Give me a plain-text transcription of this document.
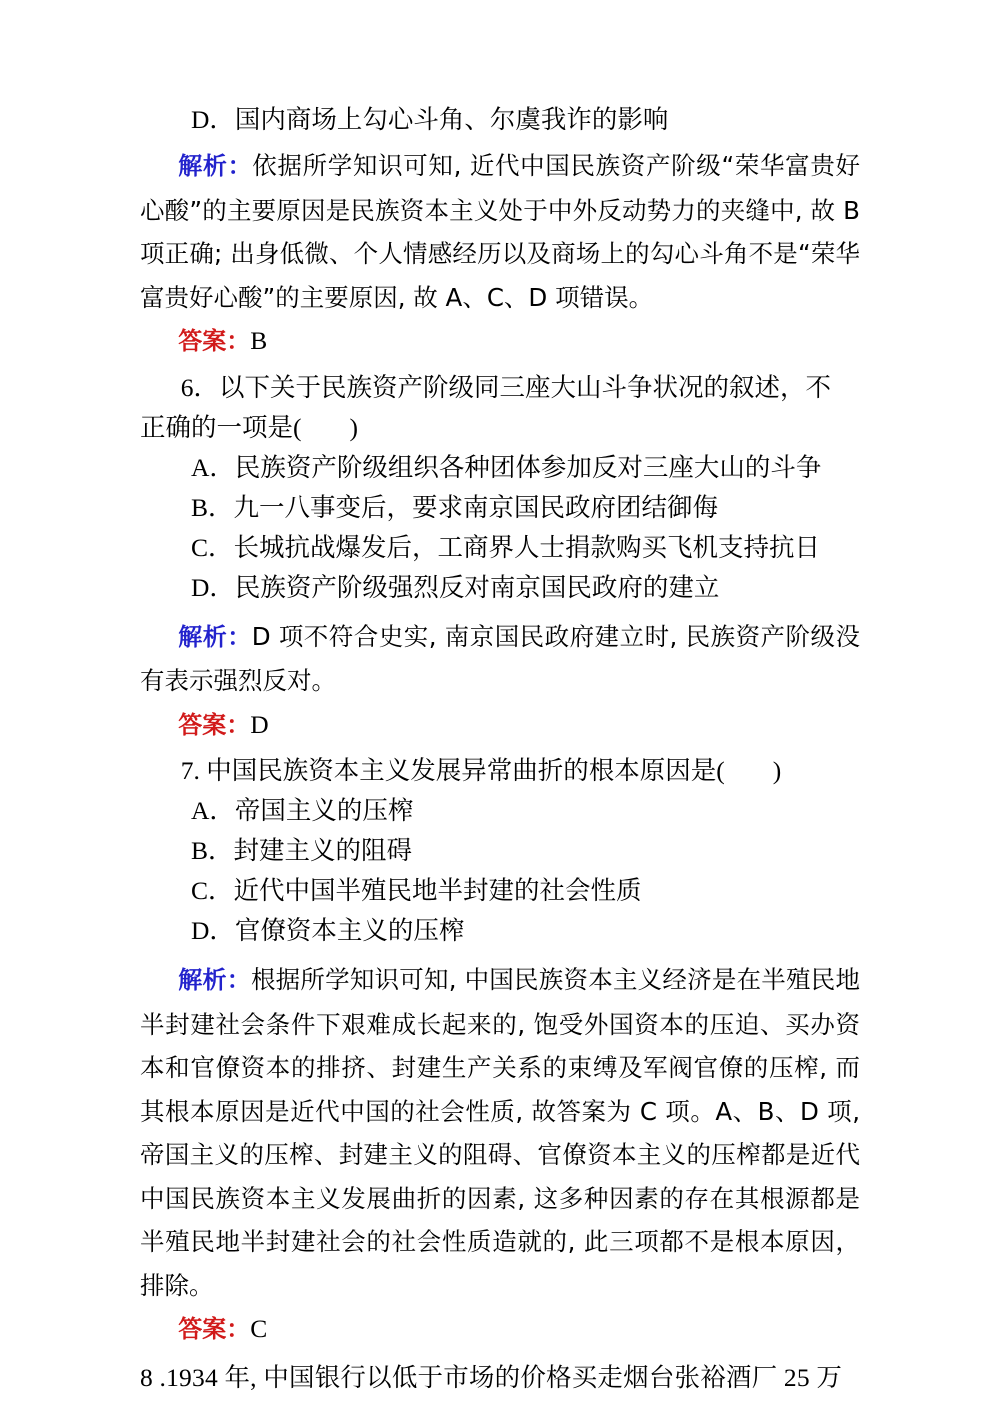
D．国内商场上勾心斗角、尔虞我诈的影响

解析：依据所学知识可知, 近代中国民族资产阶级“荣华富贵好心酸”的主要原因是民族资本主义处于中外反动势力的夹缝中, 故 B 项正确; 出身低微、个人情感经历以及商场上的勾心斗角不是“荣华富贵好心酸”的主要原因, 故 A、C、D 项错误。

答案：B

6．以下关于民族资产阶级同三座大山斗争状况的叙述，不
正确的一项是( )
A．民族资产阶级组织各种团体参加反对三座大山的斗争
B．九一八事变后，要求南京国民政府团结御侮
C．长城抗战爆发后，工商界人士捐款购买飞机支持抗日
D．民族资产阶级强烈反对南京国民政府的建立

解析：D 项不符合史实, 南京国民政府建立时, 民族资产阶级没有表示强烈反对。

答案：D

7. 中国民族资本主义发展异常曲折的根本原因是( )
A．帝国主义的压榨
B．封建主义的阻碍
C．近代中国半殖民地半封建的社会性质
D．官僚资本主义的压榨

解析：根据所学知识可知, 中国民族资本主义经济是在半殖民地半封建社会条件下艰难成长起来的, 饱受外国资本的压迫、买办资本和官僚资本的排挤、封建生产关系的束缚及军阀官僚的压榨, 而其根本原因是近代中国的社会性质, 故答案为 C 项。A、B、D 项, 帝国主义的压榨、封建主义的阻碍、官僚资本主义的压榨都是近代中国民族资本主义发展曲折的因素, 这多种因素的存在其根源都是半殖民地半封建社会的社会性质造就的, 此三项都不是根本原因，排除。

答案：C

8 .1934 年, 中国银行以低于市场的价格买走烟台张裕酒厂 25 万
